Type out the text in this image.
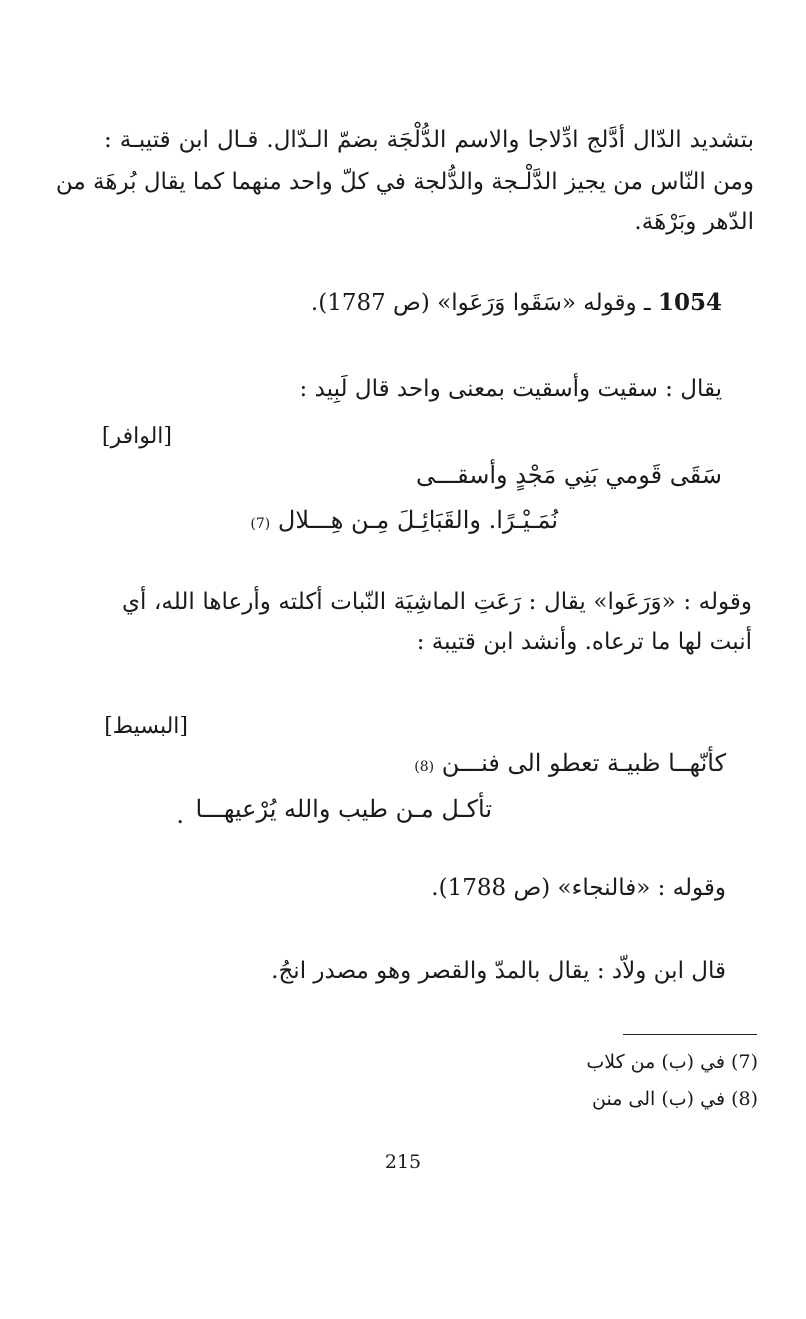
بتشديد الدّال أدَّلج ادِّلاجا والاسم الدُّلْجَة بضمّ الـدّال. قـال ابن قتيبـة :
ومن النّاس من يجيز الدَّلْـجة والدُّلجة في كلّ واحد منهما كما يقال بُرهَة من
الدّهر وبَرْهَة.
1054 ـ وقوله «سَقَوا وَرَعَوا» (ص 1787).
يقال : سقيت وأسقيت بمعنى واحد قال لَبِيد :
[الوافر]
سَقَى قَومي بَنِي مَجْدٍ وأسقـــى
نُمَـيْـرًا. والقَبَائِـلَ مِـن هِـــلال (7)
وقوله : «وَرَعَوا» يقال : رَعَتِ الماشِيَة النّبات أكلته وأرعاها الله، أي
أنبت لها ما ترعاه. وأنشد ابن قتيبة :
[البسيط]
كأنّهــا ظبيـة تعطو الى فنـــن (8)
تأكـل مـن طيب والله يُرْعيهـــا
.
وقوله : «فالنجاء» (ص 1788).
قال ابن ولاّد : يقال بالمدّ والقصر وهو مصدر انجُ.
(7) في (ب) من كلاب
(8) في (ب) الى منن
215
